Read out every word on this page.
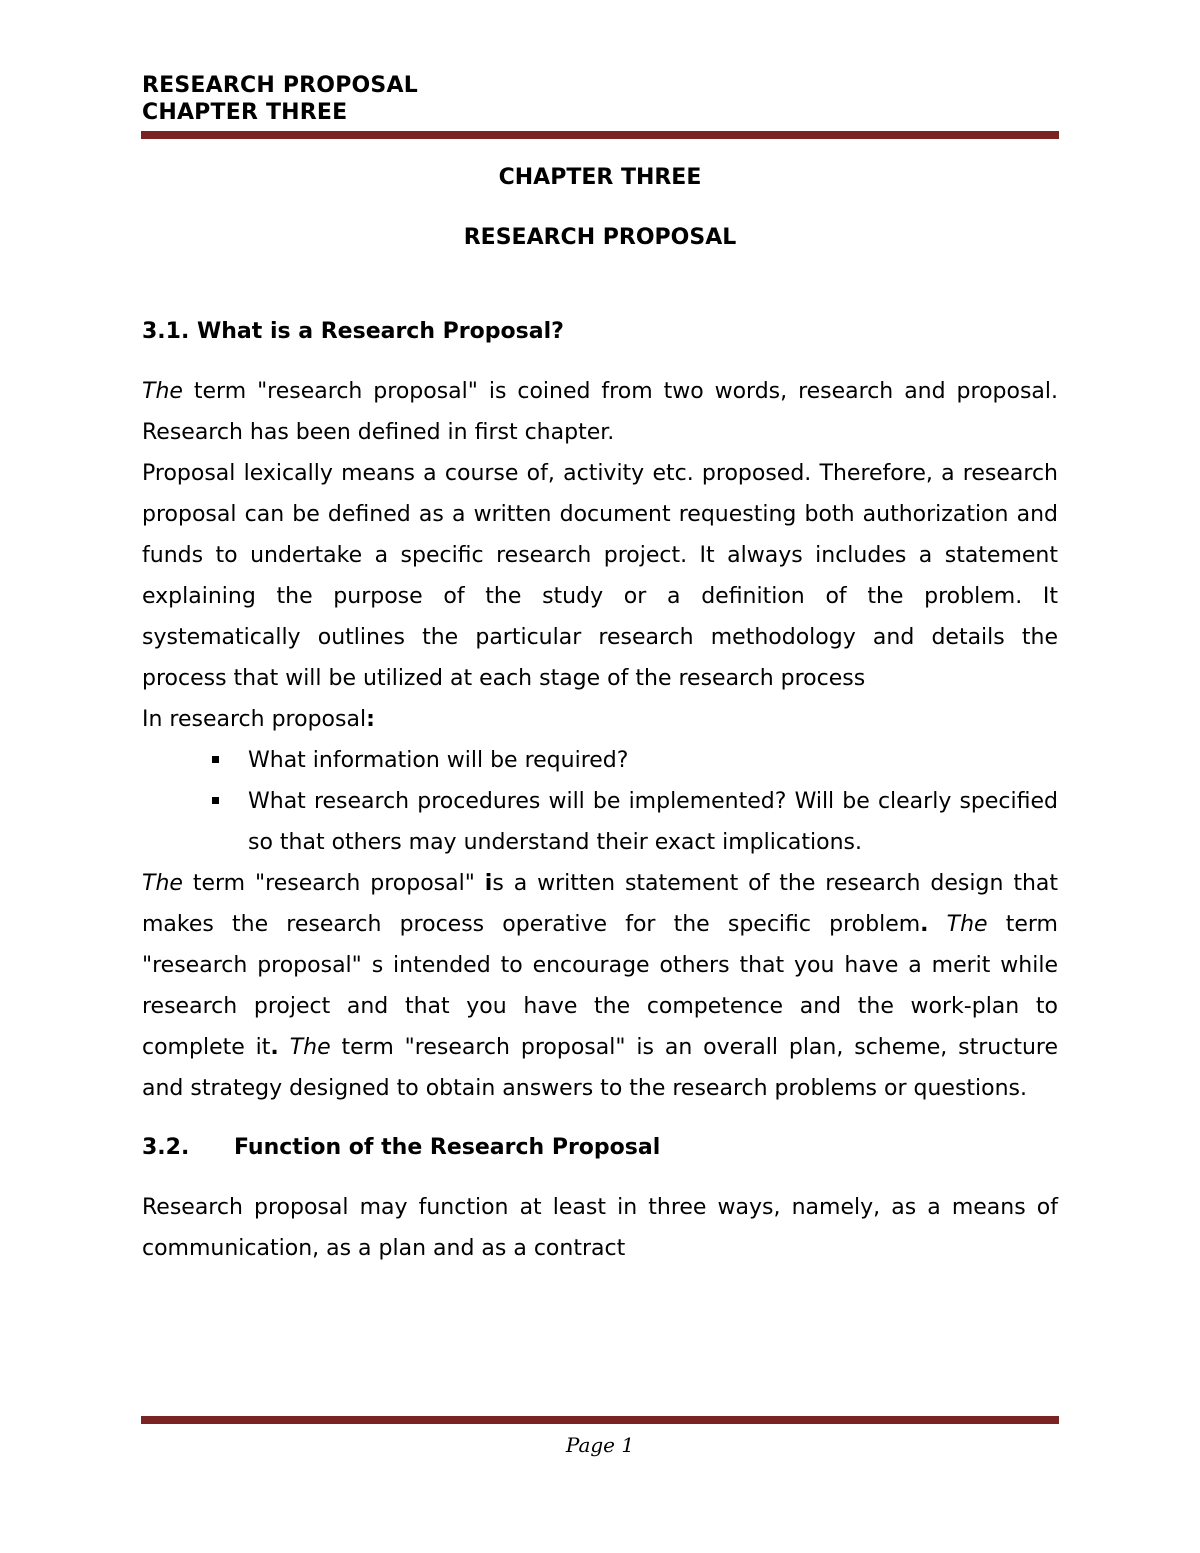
RESEARCH PROPOSAL
CHAPTER THREE
CHAPTER THREE
RESEARCH PROPOSAL
3.1. What is a Research Proposal?

The term "research proposal" is coined from two words, research and proposal. Research has been defined in first chapter.

Proposal lexically means a course of, activity etc. proposed. Therefore, a research proposal can be defined as a written document requesting both authorization and funds to undertake a specific research project. It always includes a statement explaining the purpose of the study or a definition of the problem. It systematically outlines the particular research methodology and details the process that will be utilized at each stage of the research process

In research proposal:

What information will be required?
What research procedures will be implemented? Will be clearly specified so that others may understand their exact implications.

The term "research proposal" is a written statement of the research design that makes the research process operative for the specific problem. The term "research proposal" s intended to encourage others that you have a merit while research project and that you have the competence and the work-plan to complete it. The term "research proposal" is an overall plan, scheme, structure and strategy designed to obtain answers to the research problems or questions.

3.2. Function of the Research Proposal

Research proposal may function at least in three ways, namely, as a means of communication, as a plan and as a contract

Page 1
